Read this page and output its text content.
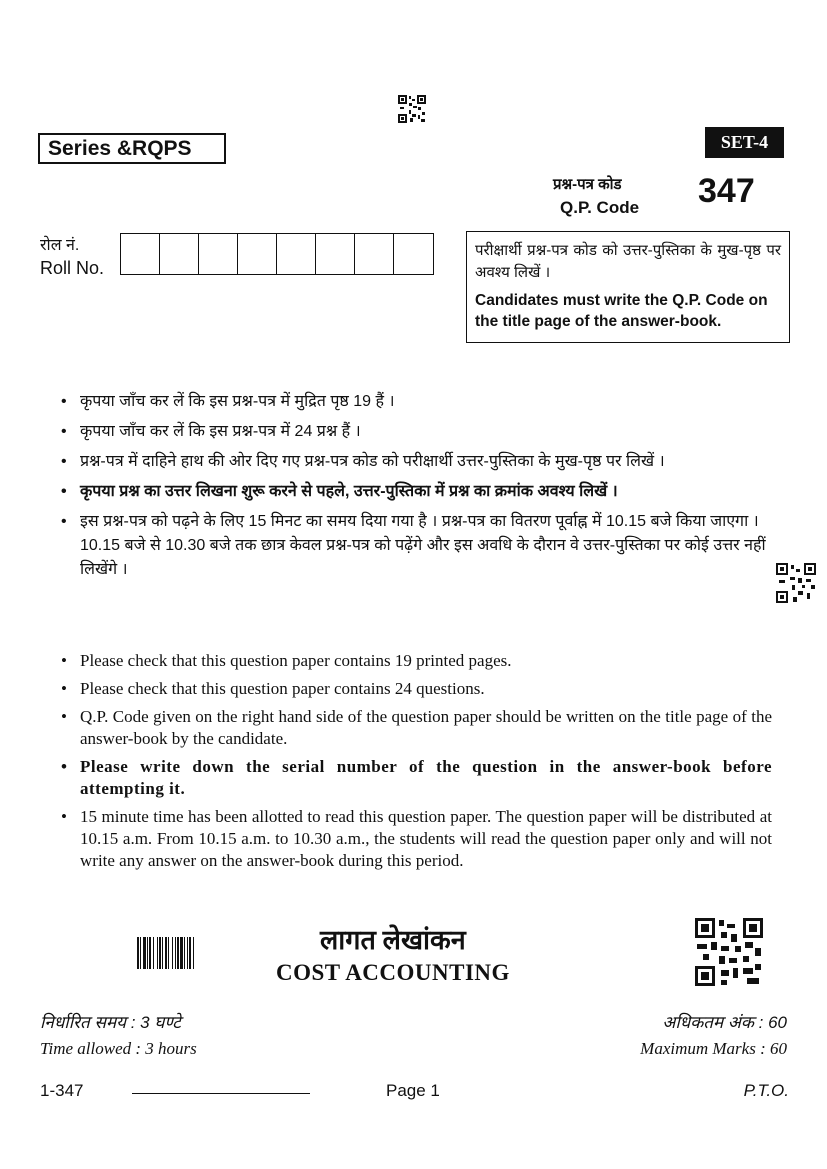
Series &RQPS	SET-4
प्रश्न-पत्र कोड
Q.P. Code 347
रोल नं.
Roll No.
परीक्षार्थी प्रश्न-पत्र कोड को उत्तर-पुस्तिका के मुख-पृष्ठ पर अवश्य लिखें ।
Candidates must write the Q.P. Code on the title page of the answer-book.
• कृपया जाँच कर लें कि इस प्रश्न-पत्र में मुद्रित पृष्ठ 19 हैं ।
• कृपया जाँच कर लें कि इस प्रश्न-पत्र में 24 प्रश्न हैं ।
• प्रश्न-पत्र में दाहिने हाथ की ओर दिए गए प्रश्न-पत्र कोड को परीक्षार्थी उत्तर-पुस्तिका के मुख-पृष्ठ पर लिखें ।
• कृपया प्रश्न का उत्तर लिखना शुरू करने से पहले, उत्तर-पुस्तिका में प्रश्न का क्रमांक अवश्य लिखें ।
• इस प्रश्न-पत्र को पढ़ने के लिए 15 मिनट का समय दिया गया है । प्रश्न-पत्र का वितरण पूर्वाह्न में 10.15 बजे किया जाएगा । 10.15 बजे से 10.30 बजे तक छात्र केवल प्रश्न-पत्र को पढ़ेंगे और इस अवधि के दौरान वे उत्तर-पुस्तिका पर कोई उत्तर नहीं लिखेंगे ।
• Please check that this question paper contains 19 printed pages.
• Please check that this question paper contains 24 questions.
• Q.P. Code given on the right hand side of the question paper should be written on the title page of the answer-book by the candidate.
• Please write down the serial number of the question in the answer-book before attempting it.
• 15 minute time has been allotted to read this question paper. The question paper will be distributed at 10.15 a.m. From 10.15 a.m. to 10.30 a.m., the students will read the question paper only and will not write any answer on the answer-book during this period.
लागत लेखांकन
COST ACCOUNTING
निर्धारित समय : 3 घण्टे
Time allowed : 3 hours
अधिकतम अंक : 60
Maximum Marks : 60
1-347	Page 1	P.T.O.
